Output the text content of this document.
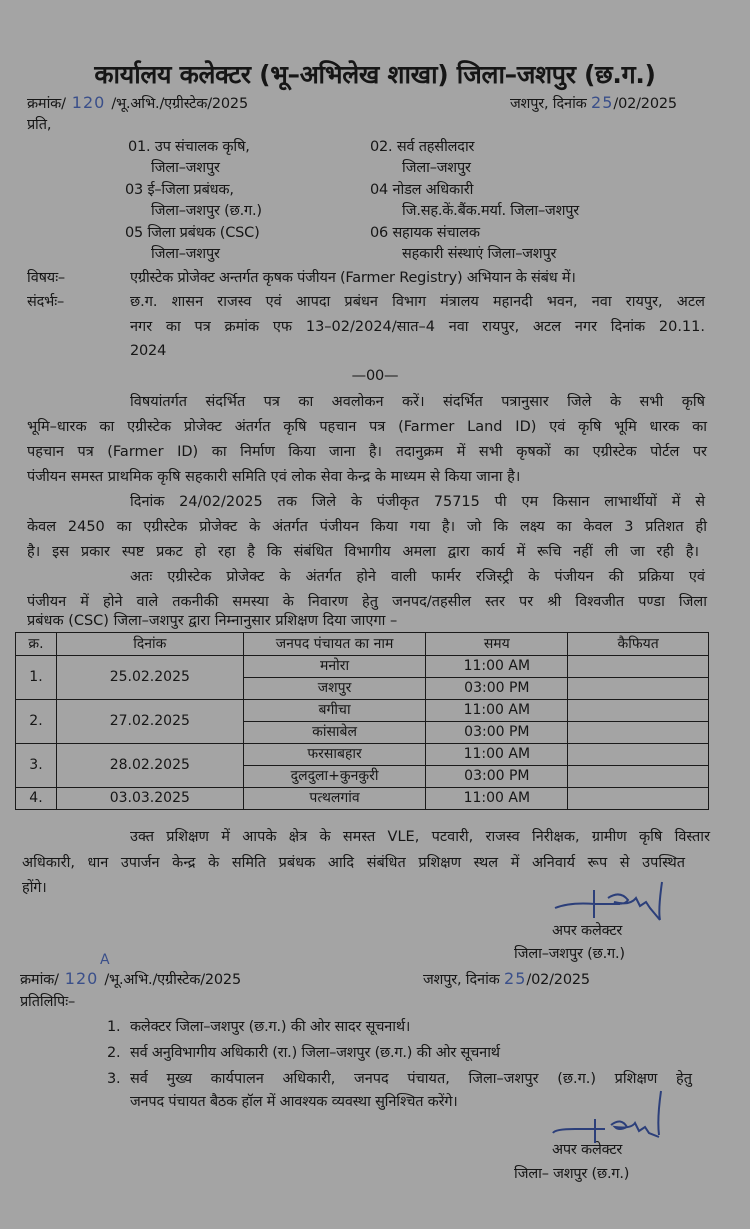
कार्यालय कलेक्टर (भू–अभिलेख शाखा) जिला–जशपुर (छ.ग.)
क्रमांक/ 120 /भू.अभि./एग्रीस्टेक/2025	जशपुर, दिनांक 25/02/2025
प्रति,
01. उप संचालक कृषि,
जिला–जशपुर
02. सर्व तहसीलदार
जिला–जशपुर
03 ई–जिला प्रबंधक,
जिला–जशपुर (छ.ग.)
04 नोडल अधिकारी
जि.सह.कें.बैंक.मर्या. जिला–जशपुर
05 जिला प्रबंधक (CSC)
जिला–जशपुर
06 सहायक संचालक
सहकारी संस्थाएं जिला–जशपुर
विषयः–	एग्रीस्टेक प्रोजेक्ट अन्तर्गत कृषक पंजीयन (Farmer Registry) अभियान के संबंध में।
संदर्भः–	छ.ग. शासन राजस्व एवं आपदा प्रबंधन विभाग मंत्रालय महानदी भवन, नवा रायपुर, अटल
नगर का पत्र क्रमांक एफ 13–02/2024/सात–4 नवा रायपुर, अटल नगर दिनांक 20.11.
2024
—00—
विषयांतर्गत संदर्भित पत्र का अवलोकन करें। संदर्भित पत्रानुसार जिले के सभी कृषि
भूमि–धारक का एग्रीस्टेक प्रोजेक्ट अंतर्गत कृषि पहचान पत्र (Farmer Land ID) एवं कृषि भूमि धारक का
पहचान पत्र (Farmer ID) का निर्माण किया जाना है। तदानुक्रम में सभी कृषकों का एग्रीस्टेक पोर्टल पर
पंजीयन समस्त प्राथमिक कृषि सहकारी समिति एवं लोक सेवा केन्द्र के माध्यम से किया जाना है।
दिनांक 24/02/2025 तक जिले के पंजीकृत 75715 पी एम किसान लाभार्थीयों में से
केवल 2450 का एग्रीस्टेक प्रोजेक्ट के अंतर्गत पंजीयन किया गया है। जो कि लक्ष्य का केवल 3 प्रतिशत ही
है। इस प्रकार स्पष्ट प्रकट हो रहा है कि संबंधित विभागीय अमला द्वारा कार्य में रूचि नहीं ली जा रही है।
अतः एग्रीस्टेक प्रोजेक्ट के अंतर्गत होने वाली फार्मर रजिस्ट्री के पंजीयन की प्रक्रिया एवं
पंजीयन में होने वाले तकनीकी समस्या के निवारण हेतु जनपद/तहसील स्तर पर श्री विश्वजीत पण्डा जिला
प्रबंधक (CSC) जिला–जशपुर द्वारा निम्नानुसार प्रशिक्षण दिया जाएगा –
क्र.	दिनांक	जनपद पंचायत का नाम	समय	कैफियत
1.	25.02.2025	मनोरा	11:00 AM	
		जशपुर	03:00 PM	
2.	27.02.2025	बगीचा	11:00 AM	
		कांसाबेल	03:00 PM	
3.	28.02.2025	फरसाबहार	11:00 AM	
		दुलदुला+कुनकुरी	03:00 PM	
4.	03.03.2025	पत्थलगांव	11:00 AM	
उक्त प्रशिक्षण में आपके क्षेत्र के समस्त VLE, पटवारी, राजस्व निरीक्षक, ग्रामीण कृषि विस्तार
अधिकारी, धान उपार्जन केन्द्र के समिति प्रबंधक आदि संबंधित प्रशिक्षण स्थल में अनिवार्य रूप से उपस्थित
होंगे।
अपर कलेक्टर
जिला–जशपुर (छ.ग.)
A
क्रमांक/ 120 /भू.अभि./एग्रीस्टेक/2025	जशपुर, दिनांक 25/02/2025
प्रतिलिपिः–
1. कलेक्टर जिला–जशपुर (छ.ग.) की ओर सादर सूचनार्थ।
2. सर्व अनुविभागीय अधिकारी (रा.) जिला–जशपुर (छ.ग.) की ओर सूचनार्थ
3. सर्व मुख्य कार्यपालन अधिकारी, जनपद पंचायत, जिला–जशपुर (छ.ग.) प्रशिक्षण हेतु
जनपद पंचायत बैठक हॉल में आवश्यक व्यवस्था सुनिश्चित करेंगे।
अपर कलेक्टर
जिला– जशपुर (छ.ग.)
